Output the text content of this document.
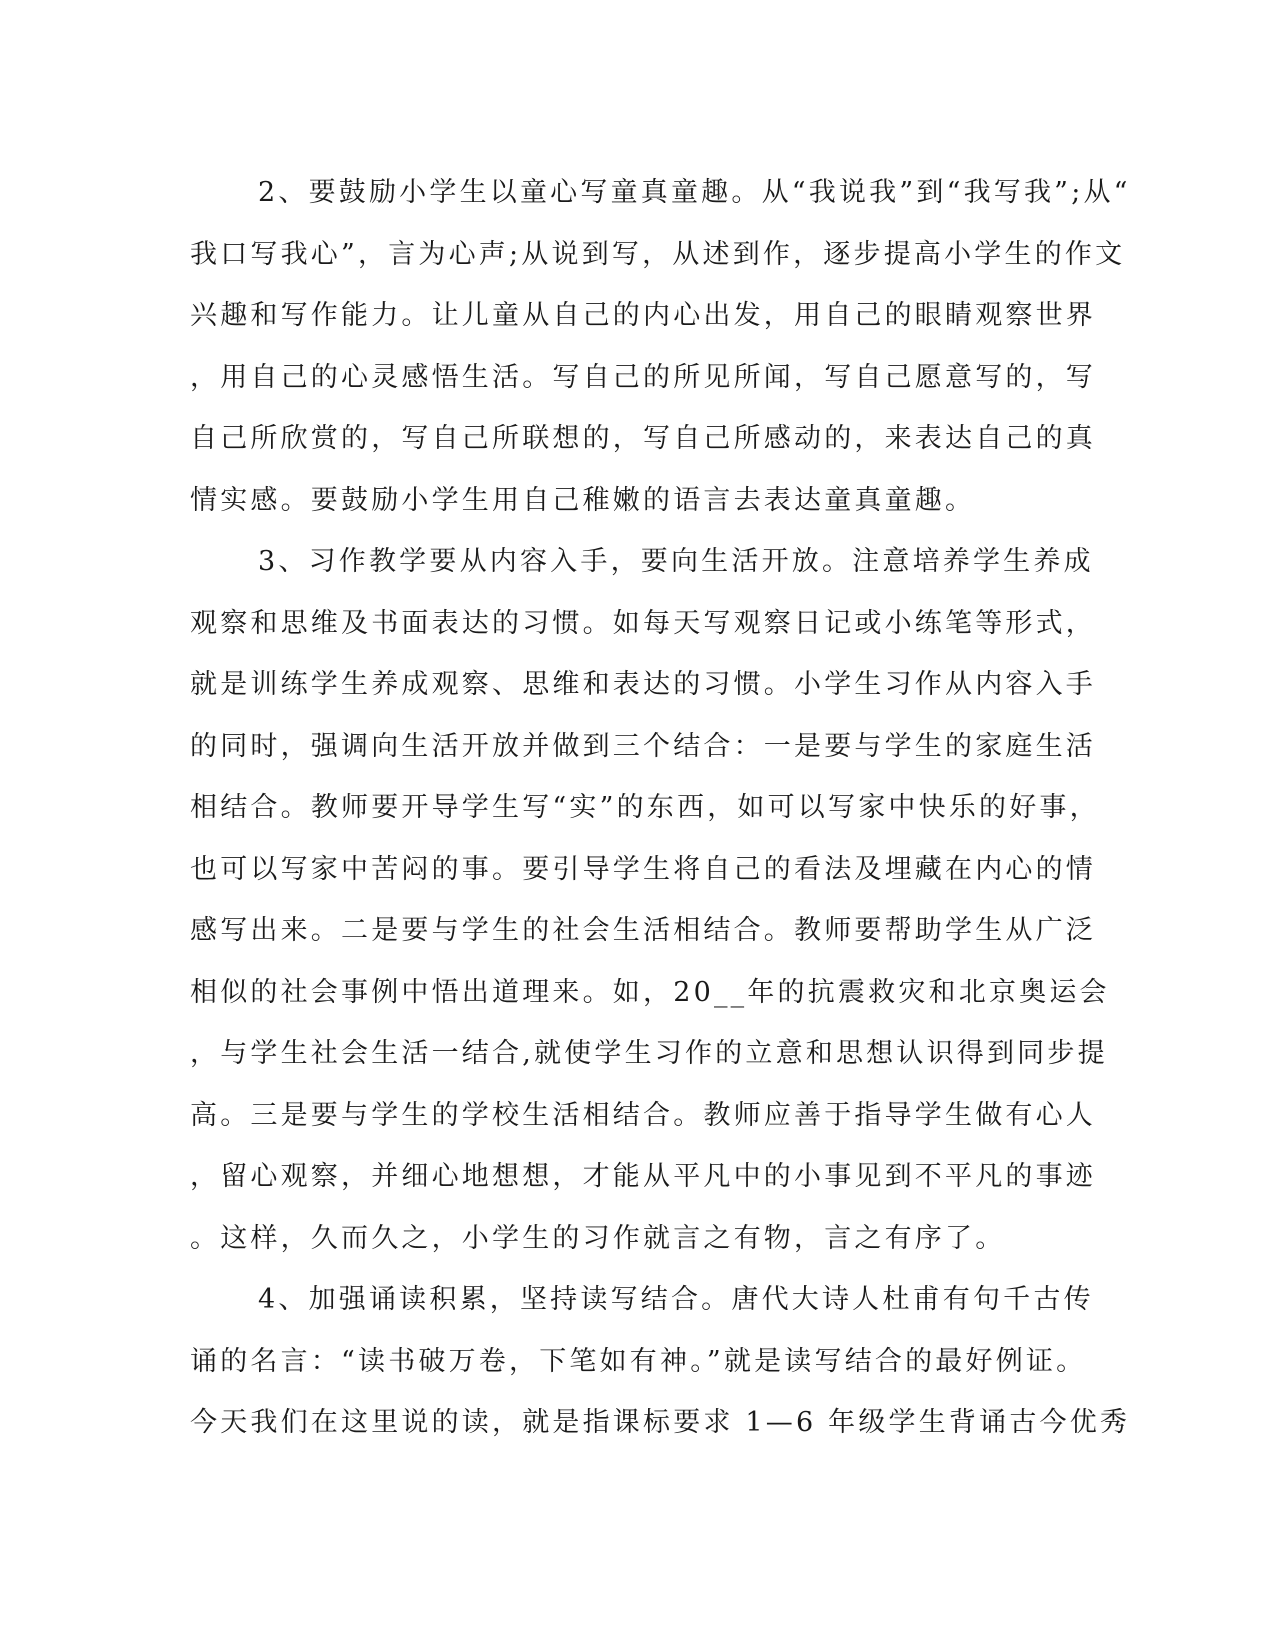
2、要鼓励小学生以童心写童真童趣。从“我说我”到“我写我”;从“
我口写我心”，言为心声;从说到写，从述到作，逐步提高小学生的作文
兴趣和写作能力。让儿童从自己的内心出发，用自己的眼睛观察世界
，用自己的心灵感悟生活。写自己的所见所闻，写自己愿意写的，写
自己所欣赏的，写自己所联想的，写自己所感动的，来表达自己的真
情实感。要鼓励小学生用自己稚嫩的语言去表达童真童趣。
3、习作教学要从内容入手，要向生活开放。注意培养学生养成
观察和思维及书面表达的习惯。如每天写观察日记或小练笔等形式，
就是训练学生养成观察、思维和表达的习惯。小学生习作从内容入手
的同时，强调向生活开放并做到三个结合：一是要与学生的家庭生活
相结合。教师要开导学生写“实”的东西，如可以写家中快乐的好事，
也可以写家中苦闷的事。要引导学生将自己的看法及埋藏在内心的情
感写出来。二是要与学生的社会生活相结合。教师要帮助学生从广泛
相似的社会事例中悟出道理来。如，20__年的抗震救灾和北京奥运会
，与学生社会生活一结合,就使学生习作的立意和思想认识得到同步提
高。三是要与学生的学校生活相结合。教师应善于指导学生做有心人
，留心观察，并细心地想想，才能从平凡中的小事见到不平凡的事迹
。这样，久而久之，小学生的习作就言之有物，言之有序了。
4、加强诵读积累，坚持读写结合。唐代大诗人杜甫有句千古传
诵的名言：“读书破万卷，下笔如有神。”就是读写结合的最好例证。
今天我们在这里说的读，就是指课标要求 1—6 年级学生背诵古今优秀
